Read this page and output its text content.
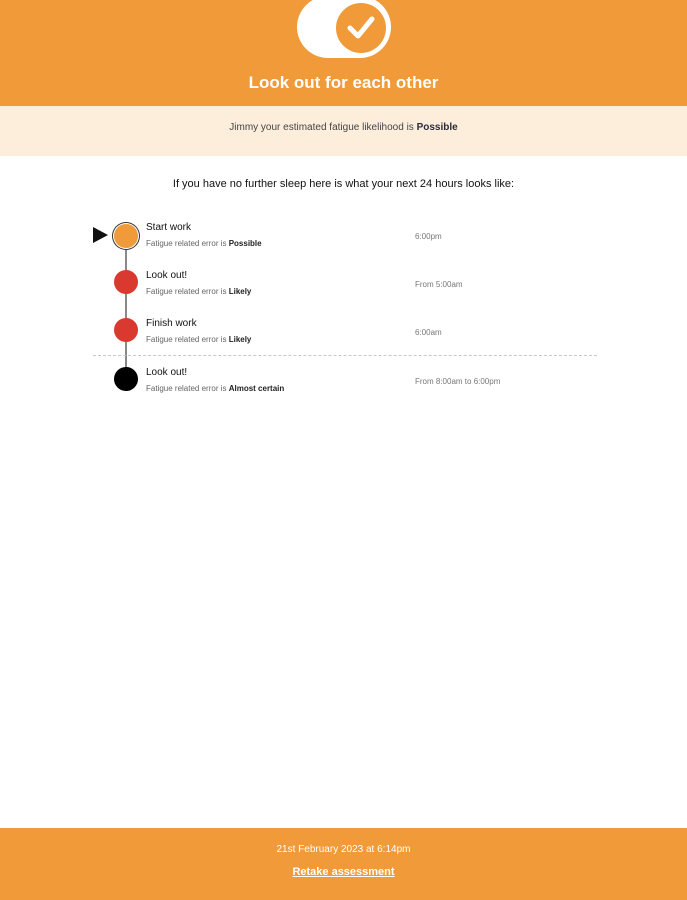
Look out for each other
Jimmy your estimated fatigue likelihood is Possible
If you have no further sleep here is what your next 24 hours looks like:
Start work
Fatigue related error is Possible
6:00pm
Look out!
Fatigue related error is Likely
From 5:00am
Finish work
Fatigue related error is Likely
6:00am
Look out!
Fatigue related error is Almost certain
From 8:00am to 6:00pm
21st February 2023 at 6:14pm
Retake assessment
